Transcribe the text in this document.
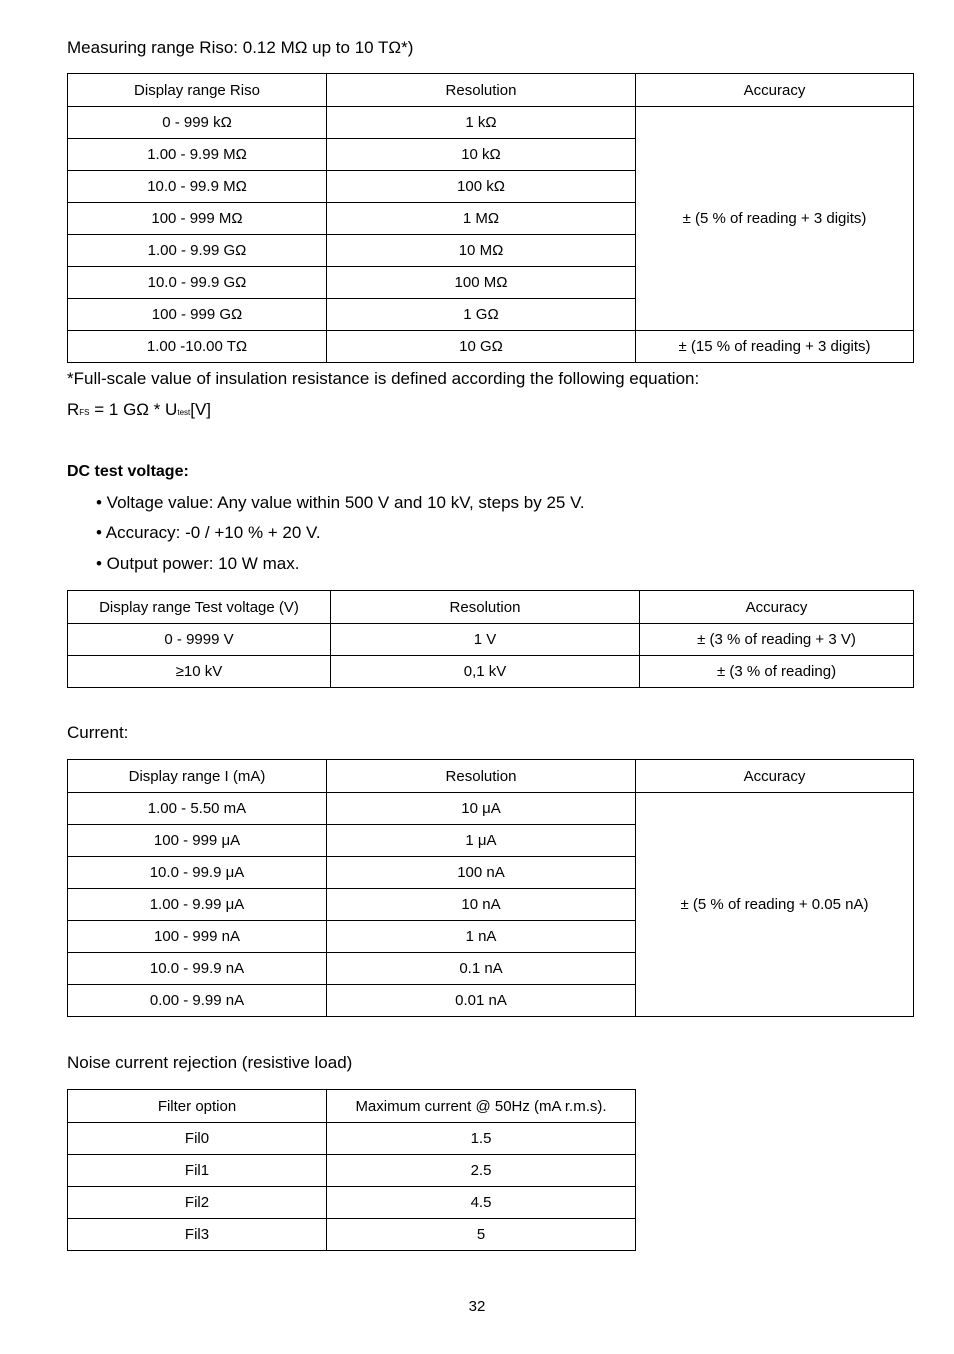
Measuring range Riso: 0.12 MΩ up to 10 TΩ*)
Display range Riso	Resolution	Accuracy
0 - 999 kΩ	1 kΩ	± (5 % of reading + 3 digits)
1.00 - 9.99 MΩ	10 kΩ	
10.0 - 99.9 MΩ	100 kΩ	
100 - 999 MΩ	1 MΩ	
1.00 - 9.99 GΩ	10 MΩ	
10.0 - 99.9 GΩ	100 MΩ	
100 - 999 GΩ	1 GΩ	
1.00 -10.00 TΩ	10 GΩ	± (15 % of reading + 3 digits)
*Full-scale value of insulation resistance is defined according the following equation:
RFS = 1 GΩ * Utest[V]
DC test voltage:
• Voltage value: Any value within 500 V and 10 kV, steps by 25 V.
• Accuracy: -0 / +10 % + 20 V.
• Output power: 10 W max.
Display range Test voltage (V)	Resolution	Accuracy
0 - 9999 V	1 V	± (3 % of reading + 3 V)
≥10 kV	0,1 kV	± (3 % of reading)
Current:
Display range I (mA)	Resolution	Accuracy
1.00 - 5.50 mA	10 μA	± (5 % of reading + 0.05 nA)
100 - 999 μA	1 μA	
10.0 - 99.9 μA	100 nA	
1.00 - 9.99 μA	10 nA	
100 - 999 nA	1 nA	
10.0 - 99.9 nA	0.1 nA	
0.00 - 9.99 nA	0.01 nA	
Noise current rejection (resistive load)
Filter option	Maximum current @ 50Hz (mA r.m.s).
Fil0	1.5
Fil1	2.5
Fil2	4.5
Fil3	5
32
